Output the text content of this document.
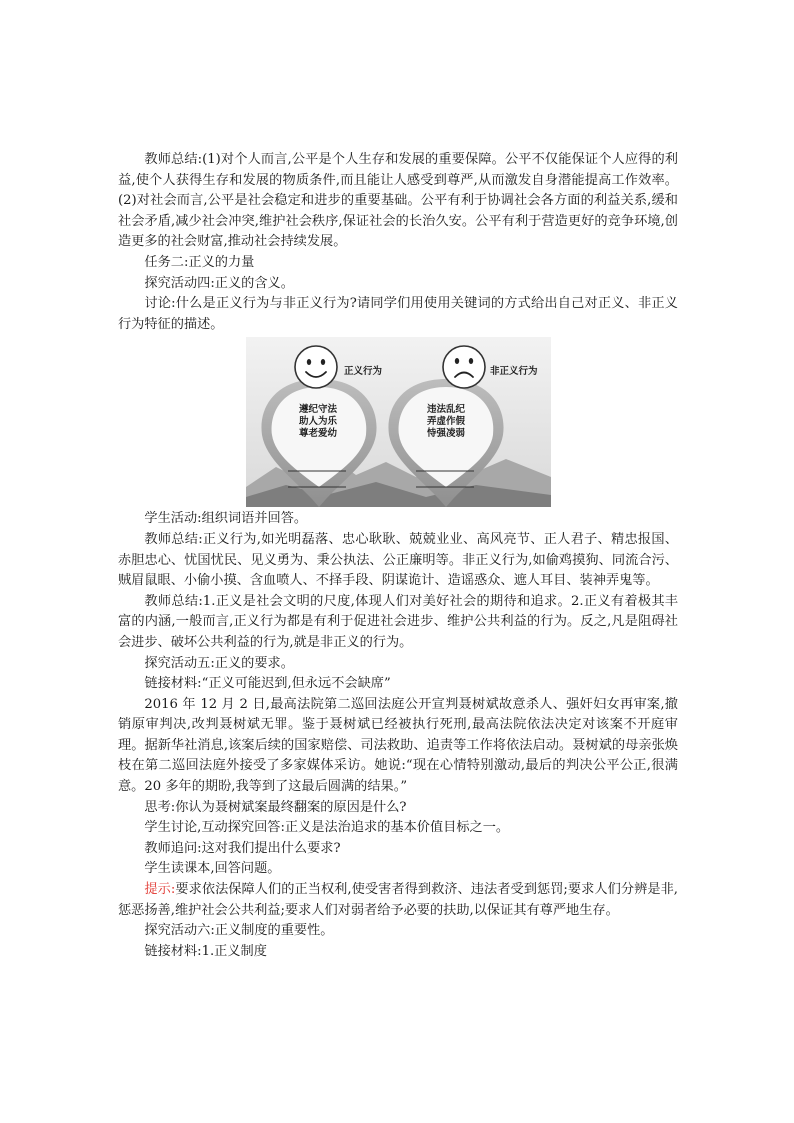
教师总结:(1)对个人而言,公平是个人生存和发展的重要保障。公平不仅能保证个人应得的利益,使个人获得生存和发展的物质条件,而且能让人感受到尊严,从而激发自身潜能提高工作效率。(2)对社会而言,公平是社会稳定和进步的重要基础。公平有利于协调社会各方面的利益关系,缓和社会矛盾,减少社会冲突,维护社会秩序,保证社会的长治久安。公平有利于营造更好的竞争环境,创造更多的社会财富,推动社会持续发展。

任务二:正义的力量

探究活动四:正义的含义。

讨论:什么是正义行为与非正义行为?请同学们用使用关键词的方式给出自己对正义、非正义行为特征的描述。

正义行为	非正义行为
遵纪守法
助人为乐
尊老爱幼
违法乱纪
弄虚作假
恃强凌弱

学生活动:组织词语并回答。

教师总结:正义行为,如光明磊落、忠心耿耿、兢兢业业、高风亮节、正人君子、精忠报国、赤胆忠心、忧国忧民、见义勇为、秉公执法、公正廉明等。非正义行为,如偷鸡摸狗、同流合污、贼眉鼠眼、小偷小摸、含血喷人、不择手段、阴谋诡计、造谣惑众、遮人耳目、装神弄鬼等。

教师总结:1.正义是社会文明的尺度,体现人们对美好社会的期待和追求。2.正义有着极其丰富的内涵,一般而言,正义行为都是有利于促进社会进步、维护公共利益的行为。反之,凡是阻碍社会进步、破坏公共利益的行为,就是非正义的行为。

探究活动五:正义的要求。

链接材料:“正义可能迟到,但永远不会缺席”

2016 年 12 月 2 日,最高法院第二巡回法庭公开宣判聂树斌故意杀人、强奸妇女再审案,撤销原审判决,改判聂树斌无罪。鉴于聂树斌已经被执行死刑,最高法院依法决定对该案不开庭审理。据新华社消息,该案后续的国家赔偿、司法救助、追责等工作将依法启动。聂树斌的母亲张焕枝在第二巡回法庭外接受了多家媒体采访。她说:“现在心情特别激动,最后的判决公平公正,很满意。20 多年的期盼,我等到了这最后圆满的结果。”

思考:你认为聂树斌案最终翻案的原因是什么?

学生讨论,互动探究回答:正义是法治追求的基本价值目标之一。

教师追问:这对我们提出什么要求?

学生读课本,回答问题。

提示:要求依法保障人们的正当权利,使受害者得到救济、违法者受到惩罚;要求人们分辨是非,惩恶扬善,维护社会公共利益;要求人们对弱者给予必要的扶助,以保证其有尊严地生存。

探究活动六:正义制度的重要性。

链接材料:1.正义制度
